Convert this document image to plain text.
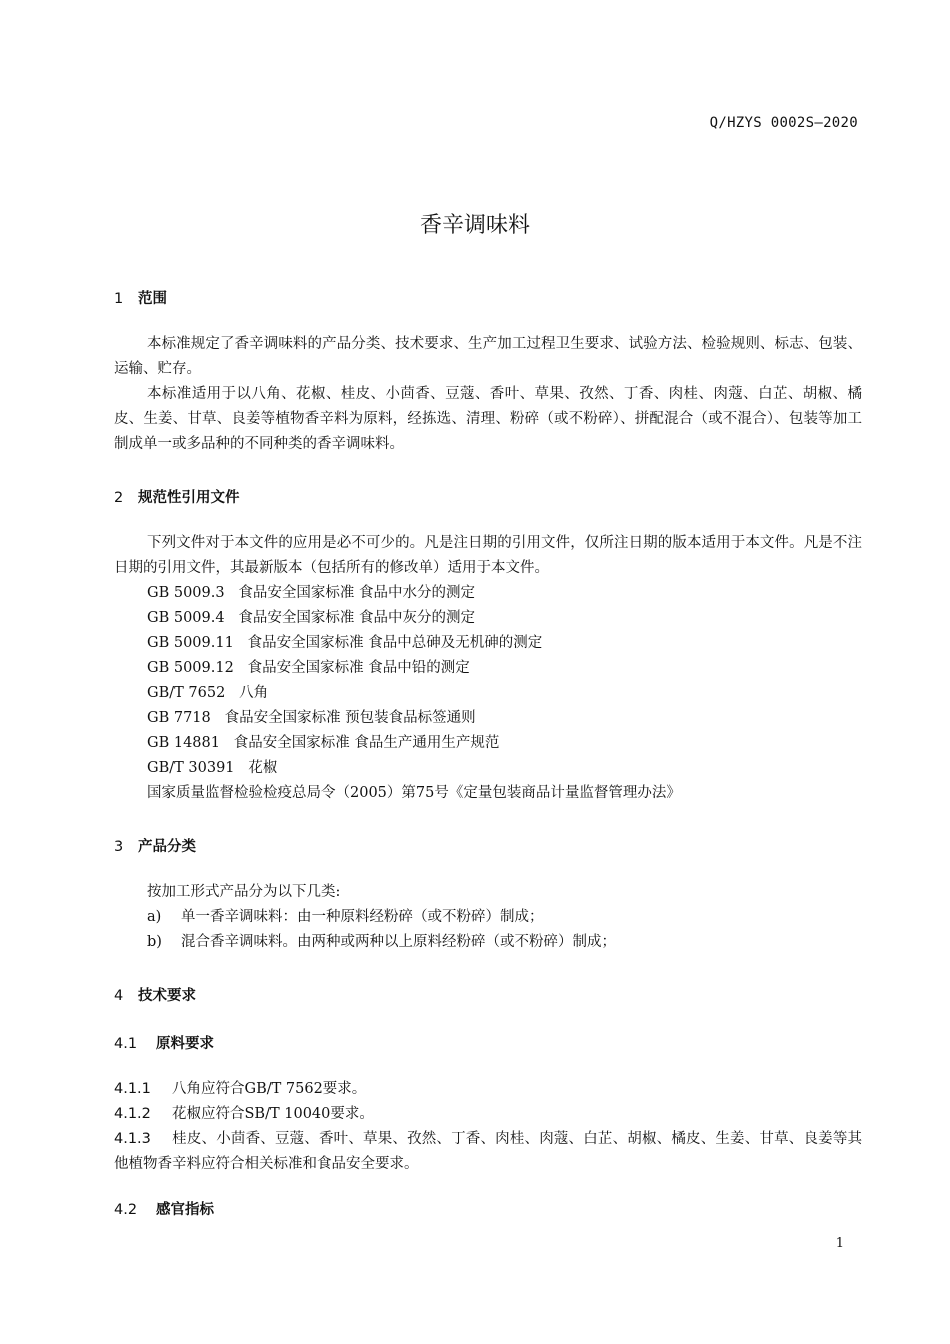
Q/HZYS 0002S—2020
香辛调味料
1 范围

本标准规定了香辛调味料的产品分类、技术要求、生产加工过程卫生要求、试验方法、检验规则、标志、包装、运输、贮存。

本标准适用于以八角、花椒、桂皮、小茴香、豆蔻、香叶、草果、孜然、丁香、肉桂、肉蔻、白芷、胡椒、橘皮、生姜、甘草、良姜等植物香辛料为原料，经拣选、清理、粉碎（或不粉碎）、拼配混合（或不混合）、包装等加工制成单一或多品种的不同种类的香辛调味料。

2 规范性引用文件

下列文件对于本文件的应用是必不可少的。凡是注日期的引用文件，仅所注日期的版本适用于本文件。凡是不注日期的引用文件，其最新版本（包括所有的修改单）适用于本文件。

GB 5009.3   食品安全国家标准 食品中水分的测定

GB 5009.4   食品安全国家标准 食品中灰分的测定

GB 5009.11   食品安全国家标准 食品中总砷及无机砷的测定

GB 5009.12   食品安全国家标准 食品中铅的测定

GB/T 7652   八角

GB 7718   食品安全国家标准 预包装食品标签通则

GB 14881   食品安全国家标准 食品生产通用生产规范

GB/T 30391   花椒

国家质量监督检验检疫总局令（2005）第75号《定量包装商品计量监督管理办法》

3 产品分类

按加工形式产品分为以下几类:

a) 单一香辛调味料：由一种原料经粉碎（或不粉碎）制成；

b) 混合香辛调味料。由两种或两种以上原料经粉碎（或不粉碎）制成；

4 技术要求
4.1 原料要求

4.1.1 八角应符合GB/T 7562要求。

4.1.2 花椒应符合SB/T 10040要求。

4.1.3 桂皮、小茴香、豆蔻、香叶、草果、孜然、丁香、肉桂、肉蔻、白芷、胡椒、橘皮、生姜、甘草、良姜等其他植物香辛料应符合相关标准和食品安全要求。

4.2 感官指标
1
